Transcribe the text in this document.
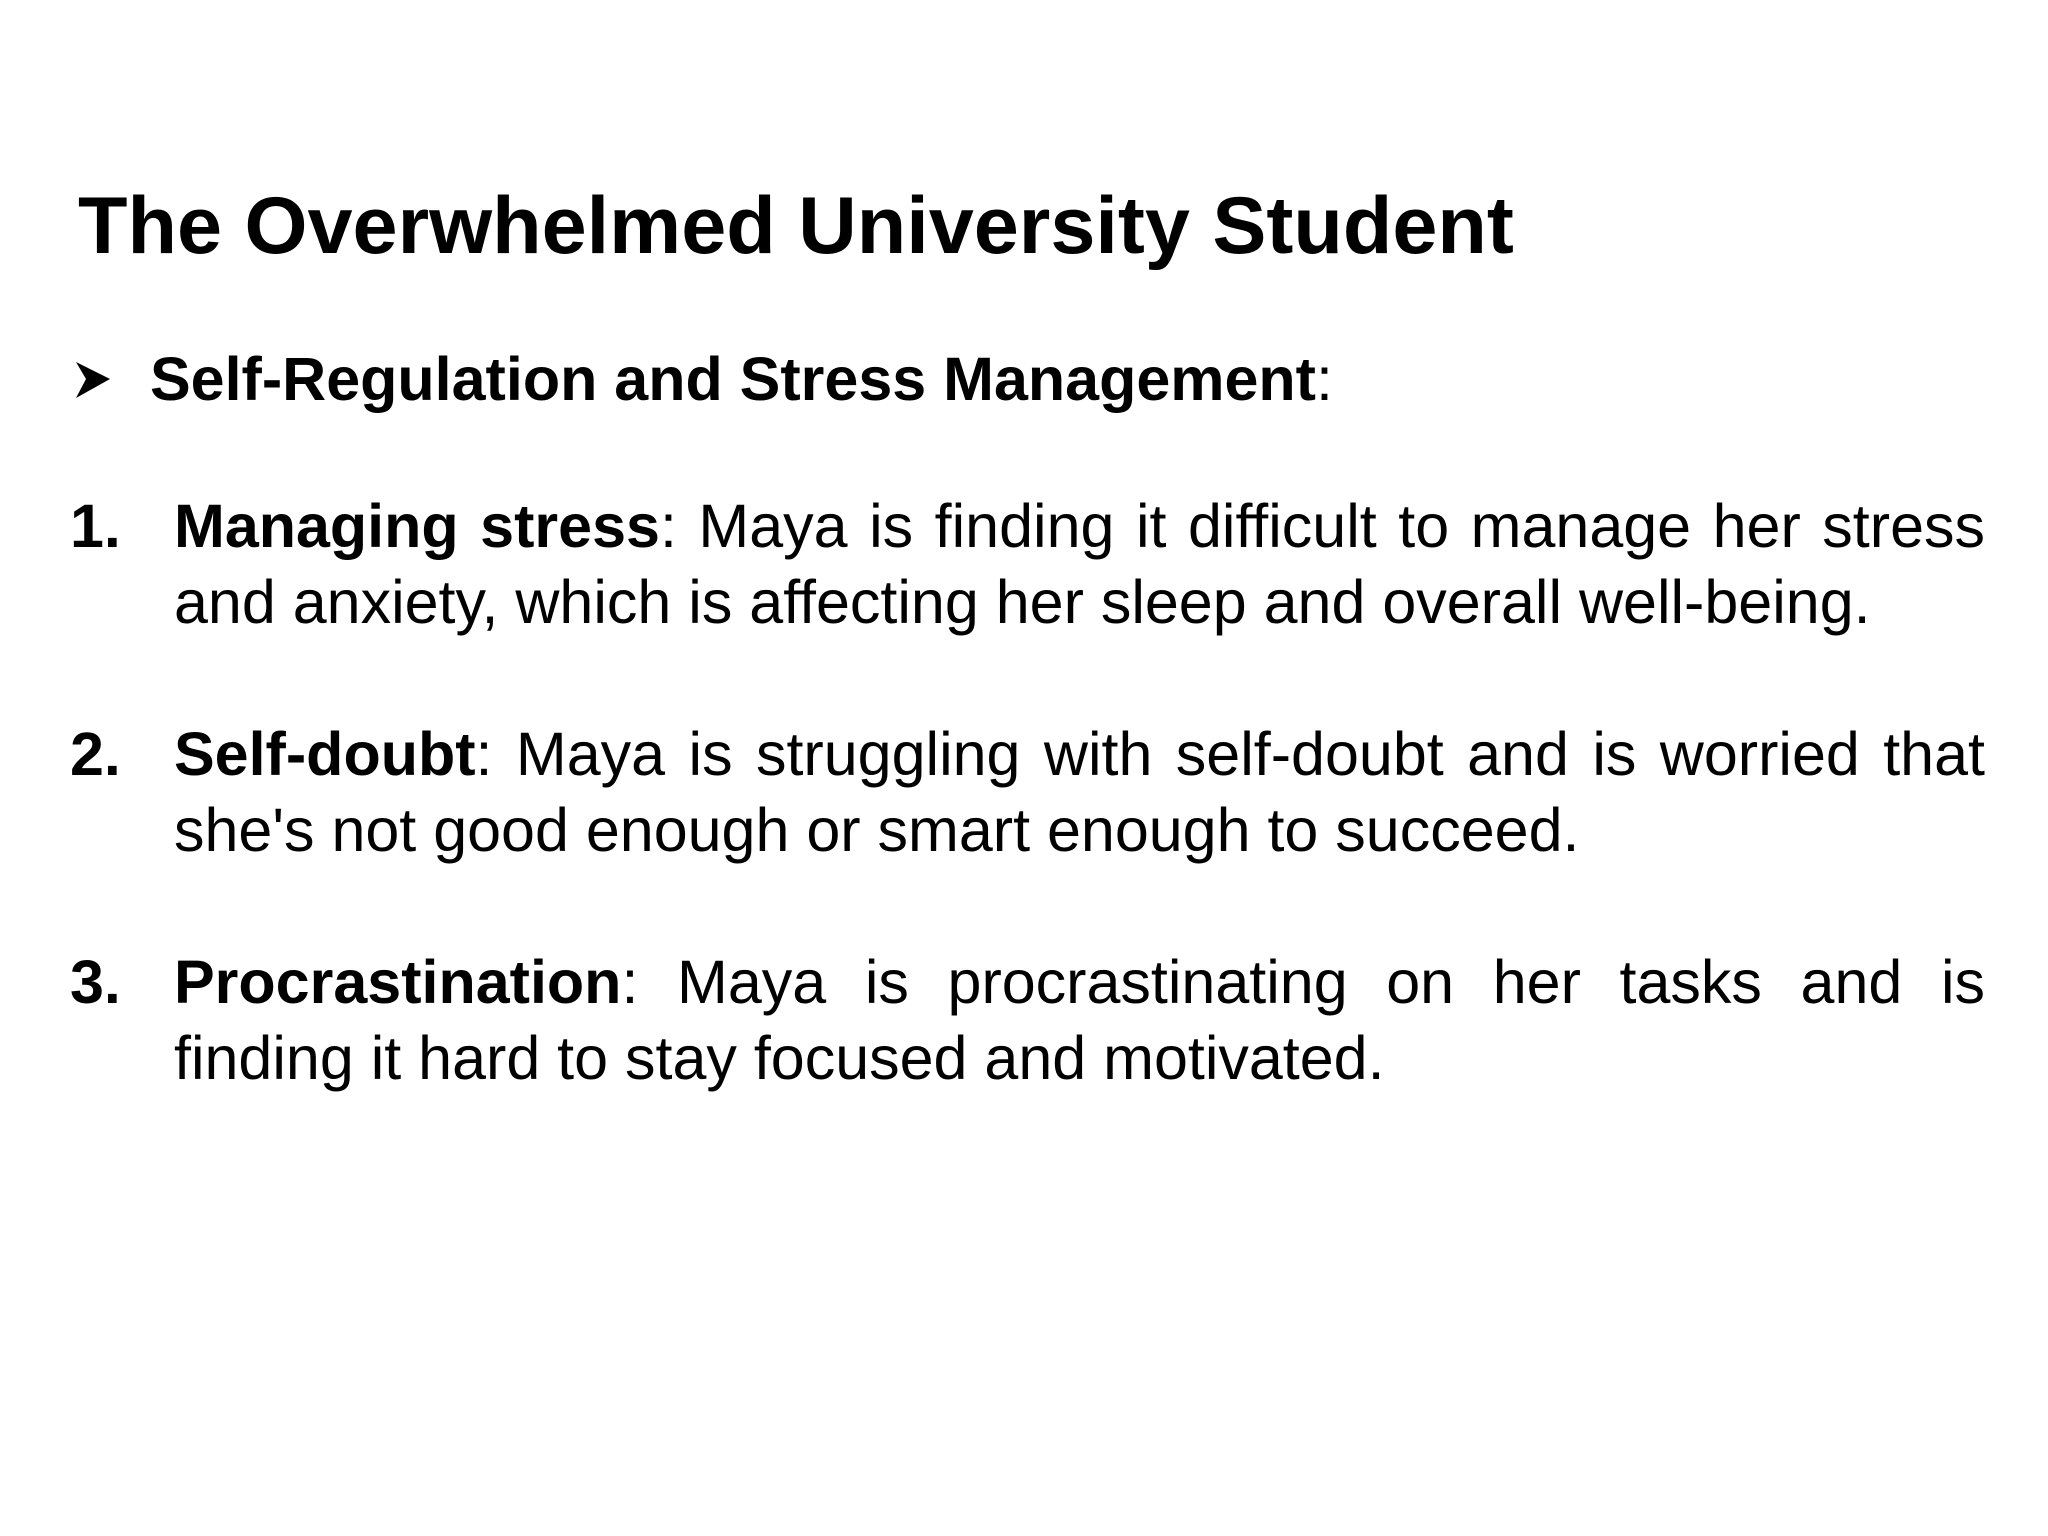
The Overwhelmed University Student
Self-Regulation and Stress Management:
1. Managing stress: Maya is finding it difficult to manage her stress and anxiety, which is affecting her sleep and overall well-being.
2. Self-doubt: Maya is struggling with self-doubt and is worried that she's not good enough or smart enough to succeed.
3. Procrastination: Maya is procrastinating on her tasks and is finding it hard to stay focused and motivated.
